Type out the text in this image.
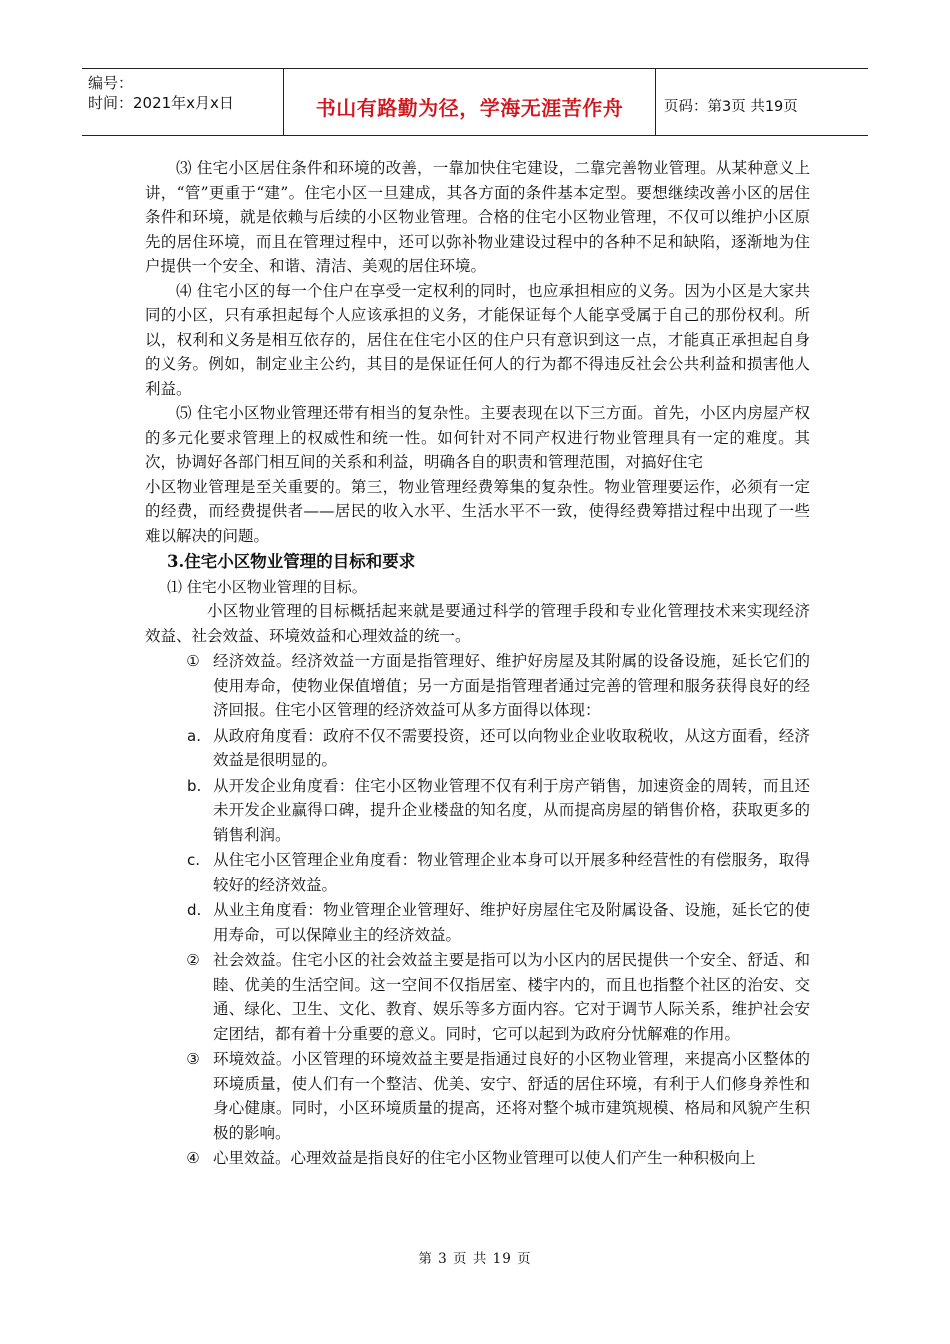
编号：
时间：2021年x月x日	书山有路勤为径，学海无涯苦作舟	页码：第3页 共19页

⑶ 住宅小区居住条件和环境的改善，一靠加快住宅建设，二靠完善物业管理。从某种意义上讲，“管”更重于“建”。住宅小区一旦建成，其各方面的条件基本定型。要想继续改善小区的居住条件和环境，就是依赖与后续的小区物业管理。合格的住宅小区物业管理，不仅可以维护小区原先的居住环境，而且在管理过程中，还可以弥补物业建设过程中的各种不足和缺陷，逐渐地为住户提供一个安全、和谐、清洁、美观的居住环境。

⑷ 住宅小区的每一个住户在享受一定权利的同时，也应承担相应的义务。因为小区是大家共同的小区，只有承担起每个人应该承担的义务，才能保证每个人能享受属于自己的那份权利。所以，权利和义务是相互依存的，居住在住宅小区的住户只有意识到这一点，才能真正承担起自身的义务。例如，制定业主公约，其目的是保证任何人的行为都不得违反社会公共利益和损害他人利益。

⑸ 住宅小区物业管理还带有相当的复杂性。主要表现在以下三方面。首先，小区内房屋产权的多元化要求管理上的权威性和统一性。如何针对不同产权进行物业管理具有一定的难度。其次，协调好各部门相互间的关系和利益，明确各自的职责和管理范围，对搞好住宅

小区物业管理是至关重要的。第三，物业管理经费筹集的复杂性。物业管理要运作，必须有一定的经费，而经费提供者——居民的收入水平、生活水平不一致，使得经费筹措过程中出现了一些难以解决的问题。

3.住宅小区物业管理的目标和要求
⑴ 住宅小区物业管理的目标。

小区物业管理的目标概括起来就是要通过科学的管理手段和专业化管理技术来实现经济效益、社会效益、环境效益和心理效益的统一。

① 经济效益。经济效益一方面是指管理好、维护好房屋及其附属的设备设施，延长它们的使用寿命，使物业保值增值；另一方面是指管理者通过完善的管理和服务获得良好的经济回报。住宅小区管理的经济效益可从多方面得以体现：
a. 从政府角度看：政府不仅不需要投资，还可以向物业企业收取税收，从这方面看，经济效益是很明显的。
b. 从开发企业角度看：住宅小区物业管理不仅有利于房产销售，加速资金的周转，而且还未开发企业赢得口碑，提升企业楼盘的知名度，从而提高房屋的销售价格，获取更多的销售利润。
c. 从住宅小区管理企业角度看：物业管理企业本身可以开展多种经营性的有偿服务，取得较好的经济效益。
d. 从业主角度看：物业管理企业管理好、维护好房屋住宅及附属设备、设施，延长它的使用寿命，可以保障业主的经济效益。
② 社会效益。住宅小区的社会效益主要是指可以为小区内的居民提供一个安全、舒适、和睦、优美的生活空间。这一空间不仅指居室、楼宇内的，而且也指整个社区的治安、交通、绿化、卫生、文化、教育、娱乐等多方面内容。它对于调节人际关系，维护社会安定团结，都有着十分重要的意义。同时，它可以起到为政府分忧解难的作用。
③ 环境效益。小区管理的环境效益主要是指通过良好的小区物业管理，来提高小区整体的环境质量，使人们有一个整洁、优美、安宁、舒适的居住环境，有利于人们修身养性和身心健康。同时，小区环境质量的提高，还将对整个城市建筑规模、格局和风貌产生积极的影响。
④ 心里效益。心理效益是指良好的住宅小区物业管理可以使人们产生一种积极向上
第 3 页 共 19 页
